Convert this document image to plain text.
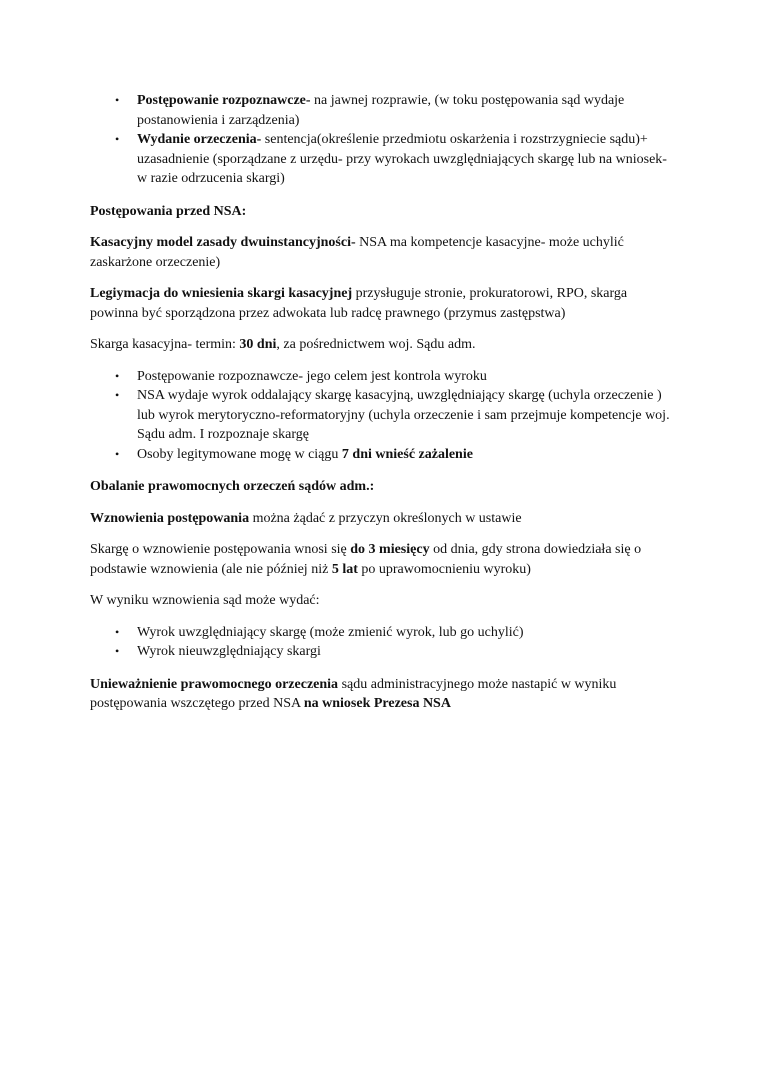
• Postępowanie rozpoznawcze- na jawnej rozprawie, (w toku postępowania sąd wydaje postanowienia i zarządzenia)
• Wydanie orzeczenia- sentencja(określenie przedmiotu oskarżenia i rozstrzygniecie sądu)+ uzasadnienie (sporządzane z urzędu- przy wyrokach uwzględniających skargę lub na wniosek- w razie odrzucenia skargi)

Postępowania przed NSA:

Kasacyjny model zasady dwuinstancyjności- NSA ma kompetencje kasacyjne- może uchylić zaskarżone orzeczenie)

Legiymacja do wniesienia skargi kasacyjnej przysługuje stronie, prokuratorowi, RPO, skarga powinna być sporządzona przez adwokata lub radcę prawnego (przymus zastępstwa)

Skarga kasacyjna- termin: 30 dni, za pośrednictwem woj. Sądu adm.

• Postępowanie rozpoznawcze- jego celem jest kontrola wyroku
• NSA wydaje wyrok oddalający skargę kasacyjną, uwzględniający skargę (uchyla orzeczenie ) lub wyrok merytoryczno-reformatoryjny (uchyla orzeczenie i sam przejmuje kompetencje woj. Sądu adm. I rozpoznaje skargę
• Osoby legitymowane mogę w ciągu 7 dni wnieść zażalenie

Obalanie prawomocnych orzeczeń sądów adm.:

Wznowienia postępowania można żądać z przyczyn określonych w ustawie

Skargę o wznowienie postępowania wnosi się do 3 miesięcy od dnia, gdy strona dowiedziała się o podstawie wznowienia (ale nie później niż 5 lat po uprawomocnieniu wyroku)

W wyniku wznowienia sąd może wydać:

• Wyrok uwzględniający skargę (może zmienić wyrok, lub go uchylić)
• Wyrok nieuwzględniający skargi

Unieważnienie prawomocnego orzeczenia sądu administracyjnego może nastapić w wyniku postępowania wszczętego przed NSA na wniosek Prezesa NSA
